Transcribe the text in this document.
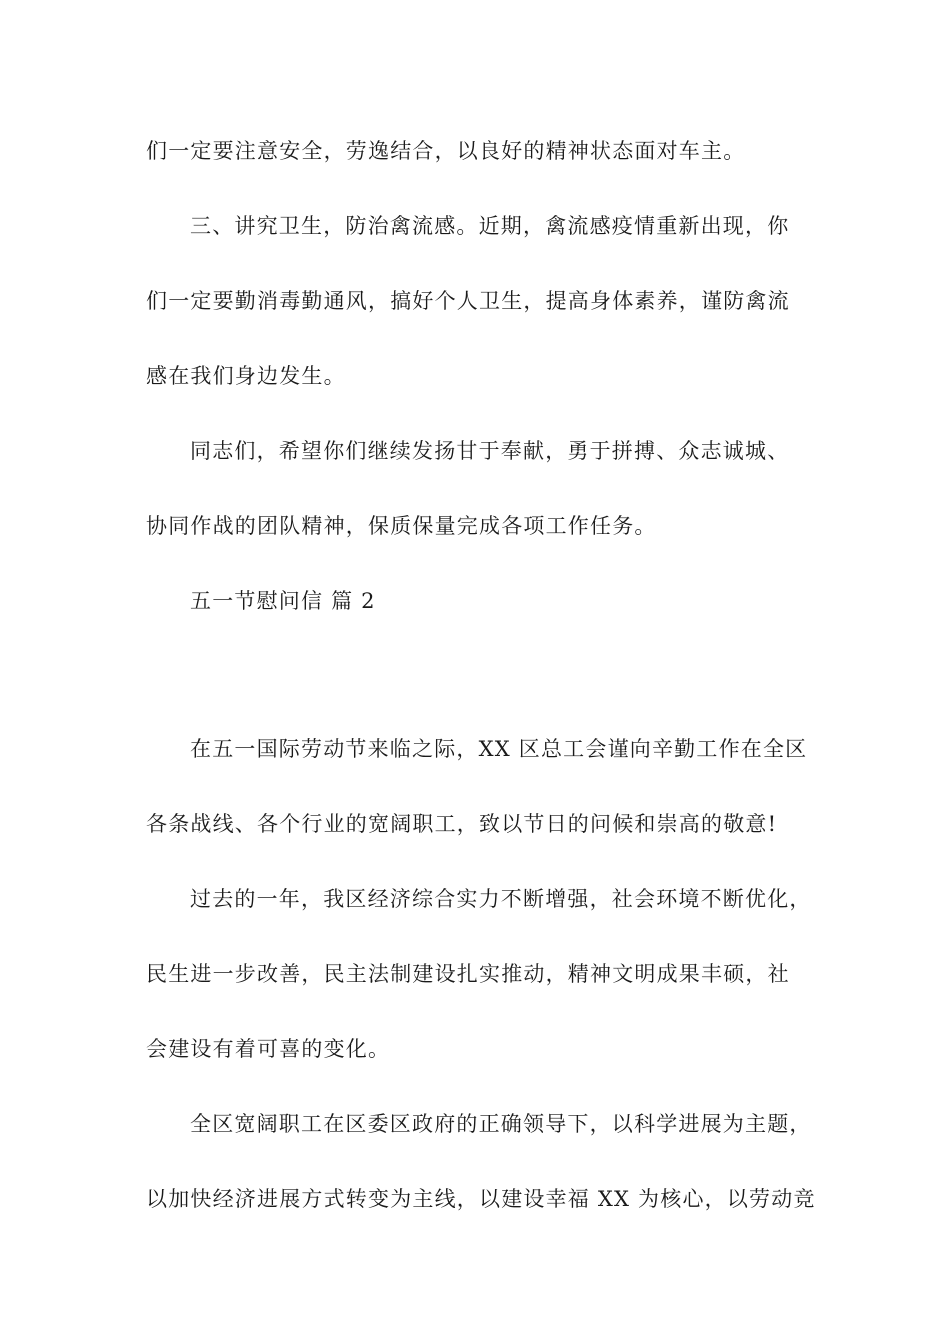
们一定要注意安全，劳逸结合，以良好的精神状态面对车主。
三、讲究卫生，防治禽流感。近期，禽流感疫情重新出现，你
们一定要勤消毒勤通风，搞好个人卫生，提高身体素养，谨防禽流
感在我们身边发生。
同志们，希望你们继续发扬甘于奉献，勇于拼搏、众志诚城、
协同作战的团队精神，保质保量完成各项工作任务。
五一节慰问信 篇 2
在五一国际劳动节来临之际，XX 区总工会谨向辛勤工作在全区
各条战线、各个行业的宽阔职工，致以节日的问候和崇高的敬意!
过去的一年，我区经济综合实力不断增强，社会环境不断优化，
民生进一步改善，民主法制建设扎实推动，精神文明成果丰硕，社
会建设有着可喜的变化。
全区宽阔职工在区委区政府的正确领导下，以科学进展为主题，
以加快经济进展方式转变为主线，以建设幸福 XX 为核心，以劳动竞
